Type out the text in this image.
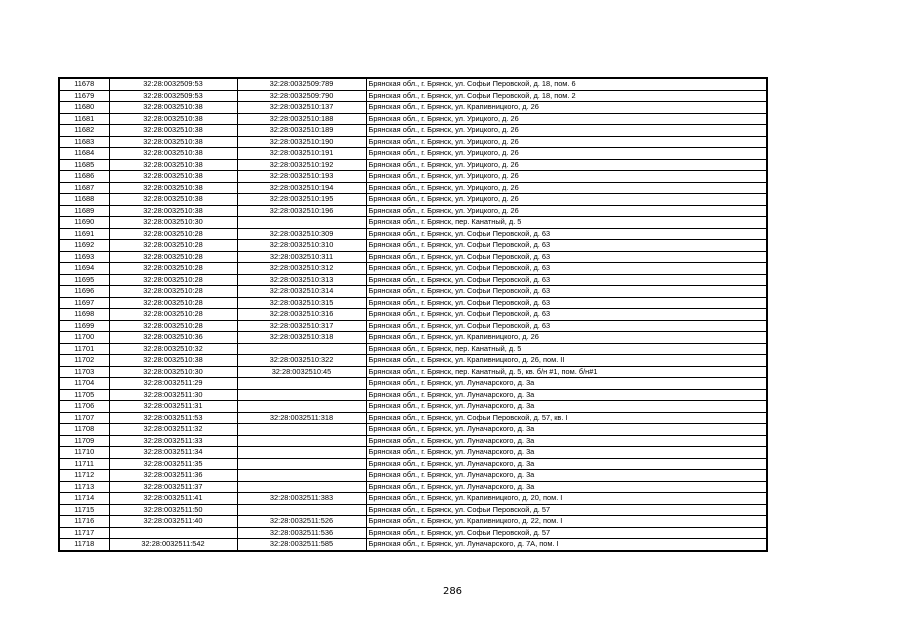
11678	32:28:0032509:53	32:28:0032509:789	Брянская обл., г. Брянск, ул. Софьи Перовской, д. 18, пом. 6
11679	32:28:0032509:53	32:28:0032509:790	Брянская обл., г. Брянск, ул. Софьи Перовской, д. 18, пом. 2
11680	32:28:0032510:38	32:28:0032510:137	Брянская обл., г. Брянск, ул. Крапивницкого, д. 26
11681	32:28:0032510:38	32:28:0032510:188	Брянская обл., г. Брянск, ул. Урицкого, д. 26
11682	32:28:0032510:38	32:28:0032510:189	Брянская обл., г. Брянск, ул. Урицкого, д. 26
11683	32:28:0032510:38	32:28:0032510:190	Брянская обл., г. Брянск, ул. Урицкого, д. 26
11684	32:28:0032510:38	32:28:0032510:191	Брянская обл., г. Брянск, ул. Урицкого, д. 26
11685	32:28:0032510:38	32:28:0032510:192	Брянская обл., г. Брянск, ул. Урицкого, д. 26
11686	32:28:0032510:38	32:28:0032510:193	Брянская обл., г. Брянск, ул. Урицкого, д. 26
11687	32:28:0032510:38	32:28:0032510:194	Брянская обл., г. Брянск, ул. Урицкого, д. 26
11688	32:28:0032510:38	32:28:0032510:195	Брянская обл., г. Брянск, ул. Урицкого, д. 26
11689	32:28:0032510:38	32:28:0032510:196	Брянская обл., г. Брянск, ул. Урицкого, д. 26
11690	32:28:0032510:30		Брянская обл., г. Брянск, пер. Канатный, д. 5
11691	32:28:0032510:28	32:28:0032510:309	Брянская обл., г. Брянск, ул. Софьи Перовской, д. 63
11692	32:28:0032510:28	32:28:0032510:310	Брянская обл., г. Брянск, ул. Софьи Перовской, д. 63
11693	32:28:0032510:28	32:28:0032510:311	Брянская обл., г. Брянск, ул. Софьи Перовской, д. 63
11694	32:28:0032510:28	32:28:0032510:312	Брянская обл., г. Брянск, ул. Софьи Перовской, д. 63
11695	32:28:0032510:28	32:28:0032510:313	Брянская обл., г. Брянск, ул. Софьи Перовской, д. 63
11696	32:28:0032510:28	32:28:0032510:314	Брянская обл., г. Брянск, ул. Софьи Перовской, д. 63
11697	32:28:0032510:28	32:28:0032510:315	Брянская обл., г. Брянск, ул. Софьи Перовской, д. 63
11698	32:28:0032510:28	32:28:0032510:316	Брянская обл., г. Брянск, ул. Софьи Перовской, д. 63
11699	32:28:0032510:28	32:28:0032510:317	Брянская обл., г. Брянск, ул. Софьи Перовской, д. 63
11700	32:28:0032510:36	32:28:0032510:318	Брянская обл., г. Брянск, ул. Крапивницкого, д. 26
11701	32:28:0032510:32		Брянская обл., г. Брянск, пер. Канатный, д. 5
11702	32:28:0032510:38	32:28:0032510:322	Брянская обл., г. Брянск, ул. Крапивницкого, д. 26, пом. II
11703	32:28:0032510:30	32:28:0032510:45	Брянская обл., г. Брянск, пер. Канатный, д. 5, кв. б/н #1, пом. б/н#1
11704	32:28:0032511:29		Брянская обл., г. Брянск, ул. Луначарского, д. 3а
11705	32:28:0032511:30		Брянская обл., г. Брянск, ул. Луначарского, д. 3а
11706	32:28:0032511:31		Брянская обл., г. Брянск, ул. Луначарского, д. 3а
11707	32:28:0032511:53	32:28:0032511:318	Брянская обл., г. Брянск, ул. Софьи Перовской, д. 57, кв. I
11708	32:28:0032511:32		Брянская обл., г. Брянск, ул. Луначарского, д. 3а
11709	32:28:0032511:33		Брянская обл., г. Брянск, ул. Луначарского, д. 3а
11710	32:28:0032511:34		Брянская обл., г. Брянск, ул. Луначарского, д. 3а
11711	32:28:0032511:35		Брянская обл., г. Брянск, ул. Луначарского, д. 3а
11712	32:28:0032511:36		Брянская обл., г. Брянск, ул. Луначарского, д. 3а
11713	32:28:0032511:37		Брянская обл., г. Брянск, ул. Луначарского, д. 3а
11714	32:28:0032511:41	32:28:0032511:383	Брянская обл., г. Брянск, ул. Крапивницкого, д. 20, пом. I
11715	32:28:0032511:50		Брянская обл., г. Брянск, ул. Софьи Перовской, д. 57
11716	32:28:0032511:40	32:28:0032511:526	Брянская обл., г. Брянск, ул. Крапивницкого, д. 22, пом. I
11717		32:28:0032511:536	Брянская обл., г. Брянск, ул. Софьи Перовской, д. 57
11718	32:28:0032511:542	32:28:0032511:585	Брянская обл., г. Брянск, ул. Луначарского, д. 7А, пом. I
286
